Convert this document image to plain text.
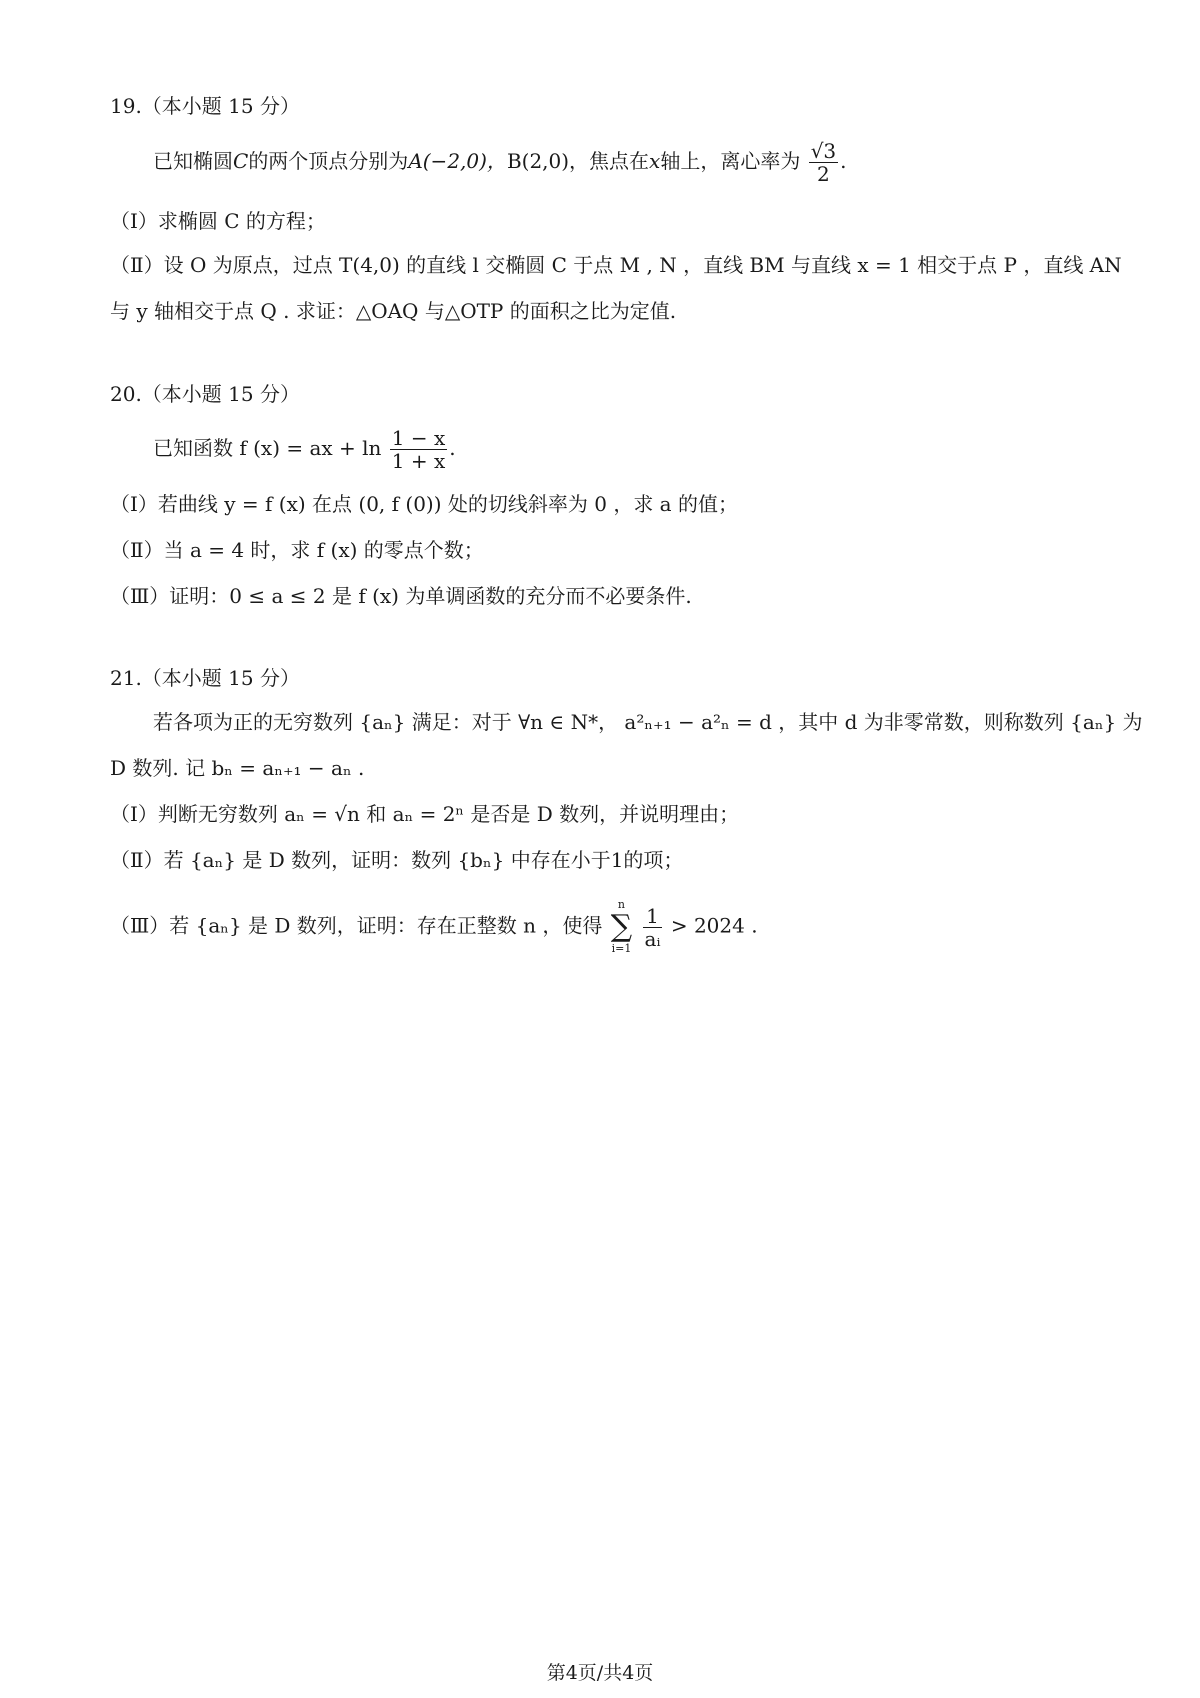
19.（本小题 15 分）
已知椭圆C的两个顶点分别为A(−2,0)，B(2,0)，焦点在x轴上，离心率为 $\frac{√3}{2}$ .
（Ⅰ）求椭圆 C 的方程；
（Ⅱ）设 O 为原点，过点 T(4,0) 的直线 l 交椭圆 C 于点 M , N ，直线 BM 与直线 x = 1 相交于点 P ，直线 AN
与 y 轴相交于点 Q . 求证：△OAQ 与△OTP 的面积之比为定值.
20.（本小题 15 分）
已知函数 f (x) = ax + $\ln \frac{1 - x}{1 + x}$ .
（Ⅰ）若曲线 y = f (x) 在点 (0, f (0)) 处的切线斜率为 0 ，求 a 的值；
（Ⅱ）当 a = 4 时，求 f (x) 的零点个数；
（Ⅲ）证明：0 ≤ a ≤ 2 是 f (x) 为单调函数的充分而不必要条件.
21.（本小题 15 分）
若各项为正的无穷数列 {aₙ} 满足：对于 ∀n ∈ N*， a²ₙ₊₁ − a²ₙ = d ，其中 d 为非零常数，则称数列 {aₙ} 为
D 数列. 记 bₙ = aₙ₊₁ − aₙ .
（Ⅰ）判断无穷数列 aₙ = √n 和 aₙ = 2ⁿ 是否是 D 数列，并说明理由；
（Ⅱ）若 {aₙ} 是 D 数列，证明：数列 {bₙ} 中存在小于1的项；
（Ⅲ）若 {aₙ} 是 D 数列，证明：存在正整数 n ，使得
n
∑
i=1
$\frac{1}{\text{aᵢ}} > 2024$ .
第4页/共4页
